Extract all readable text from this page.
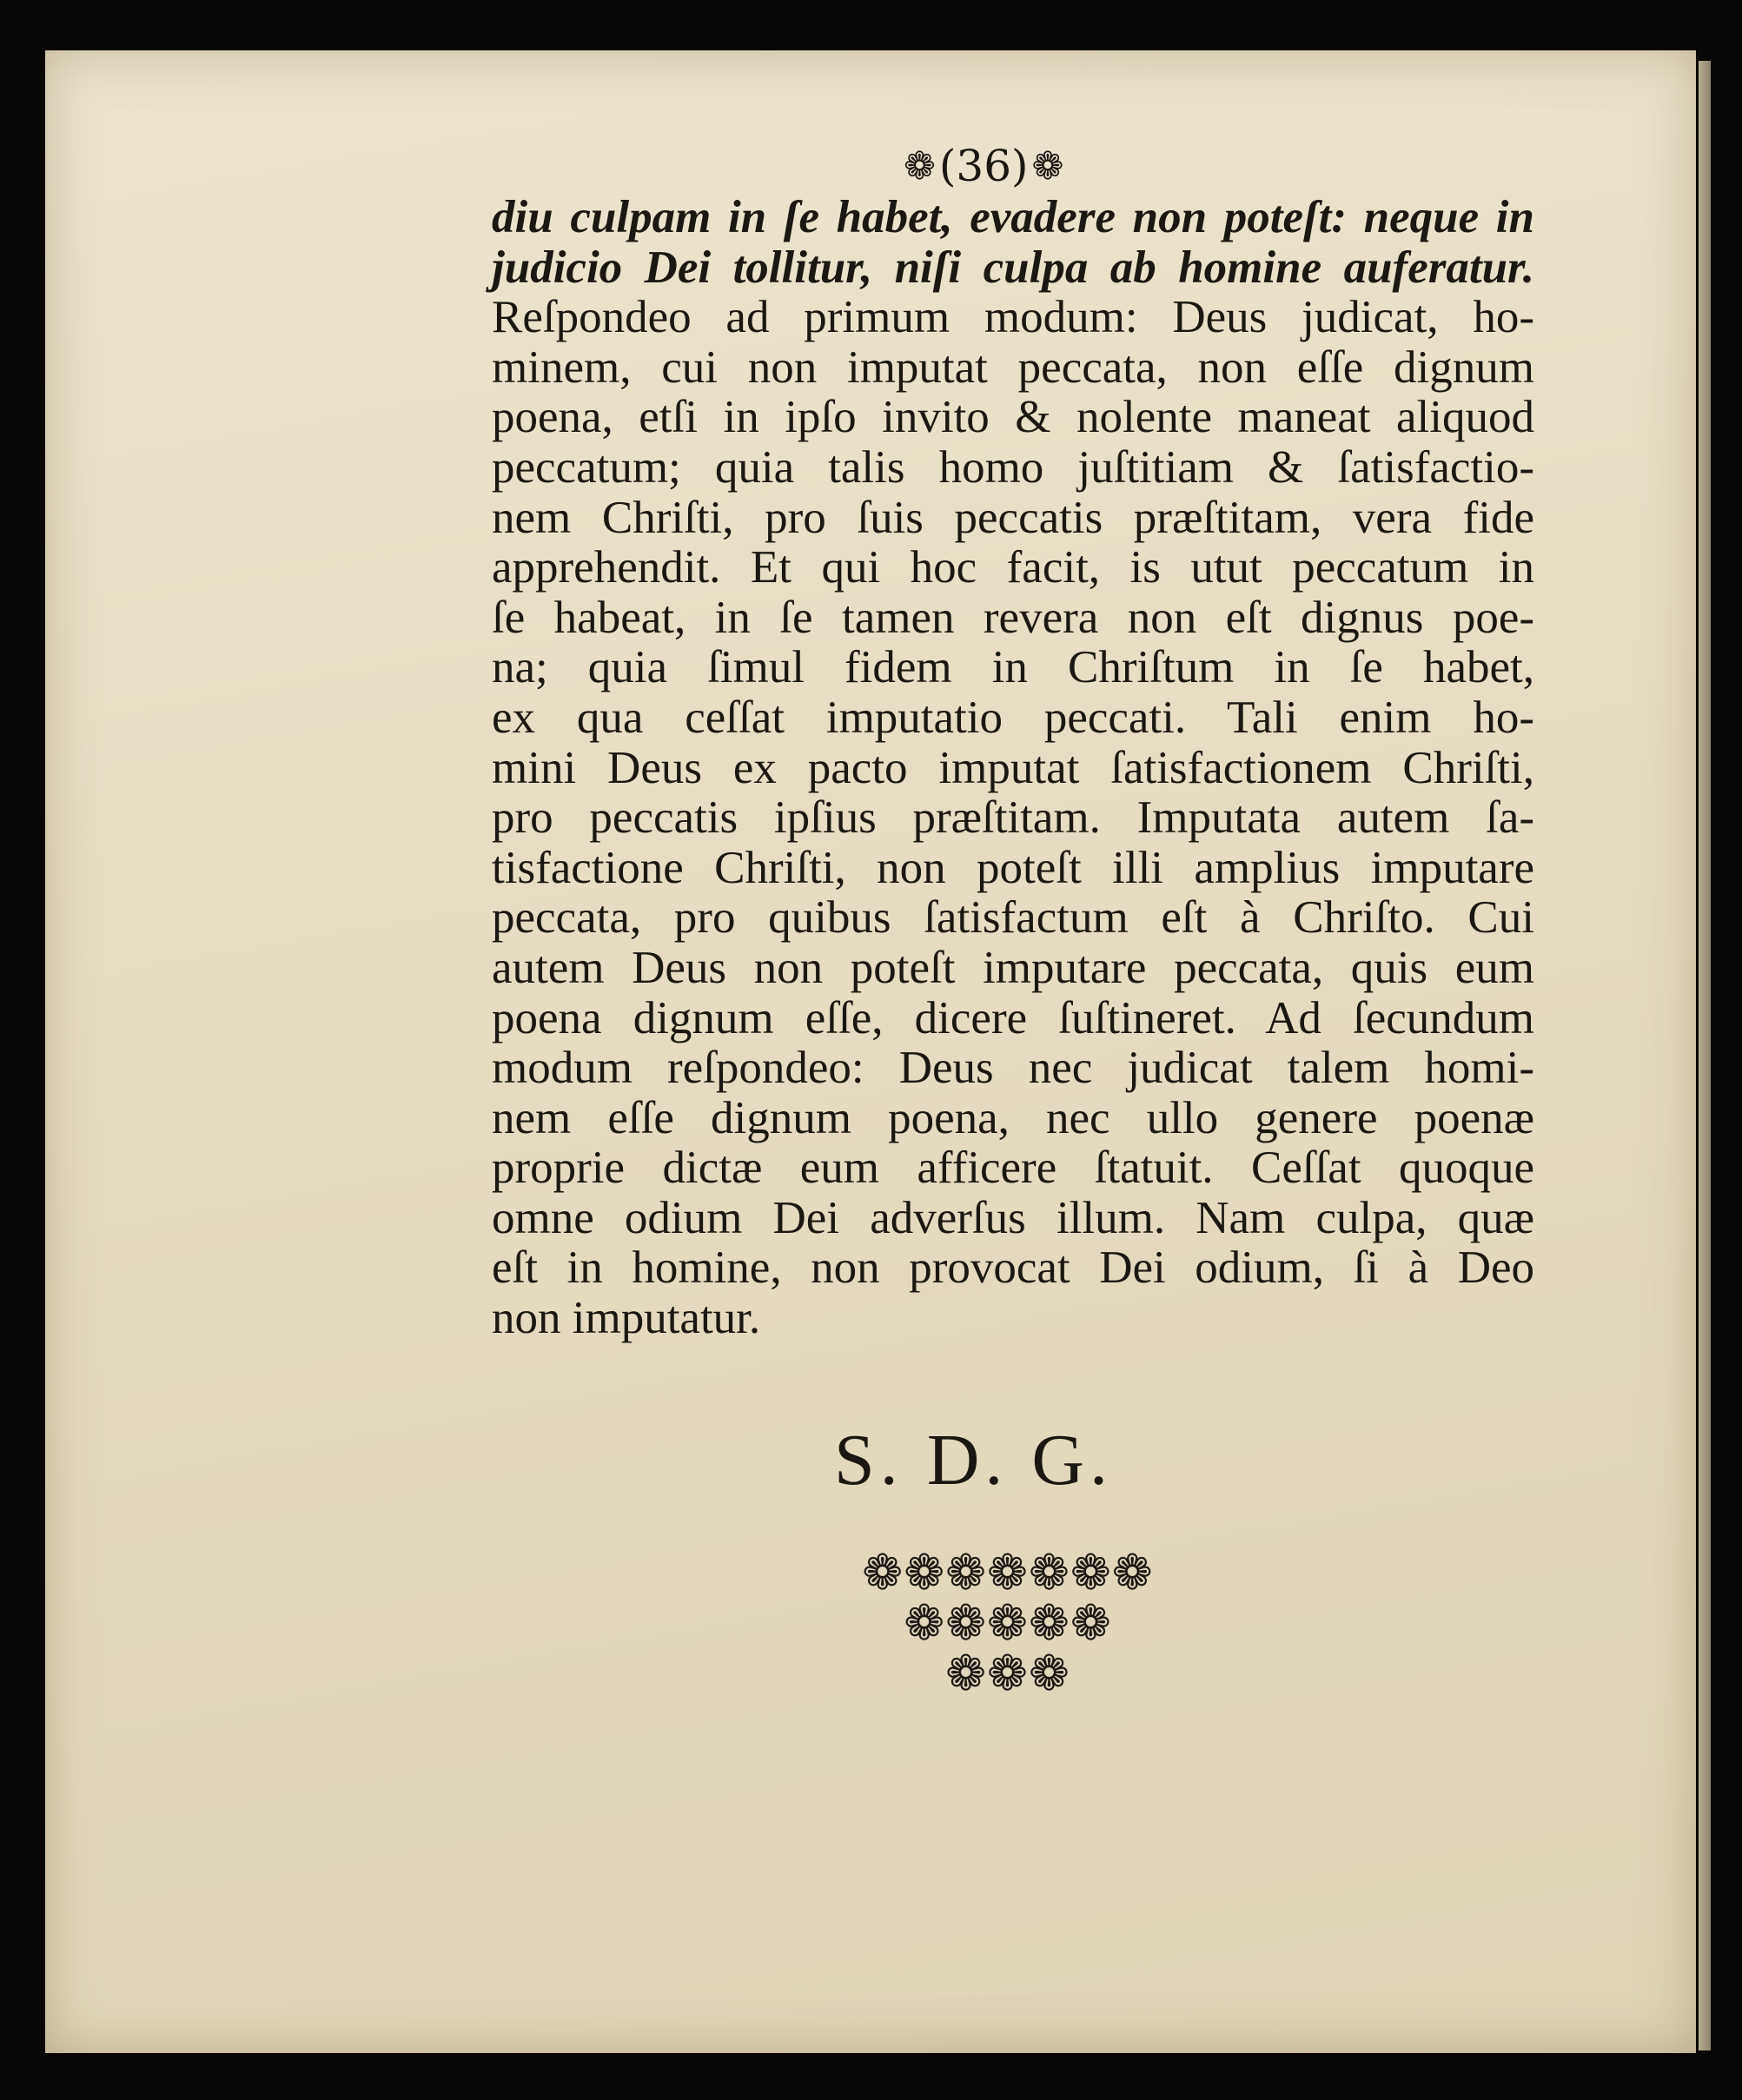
❁ (36) ❁
diu culpam in ſe habet, evadere non poteſt: neque in
judicio Dei tollitur, niſi culpa ab homine auferatur.
Reſpondeo ad primum modum: Deus judicat, ho-
minem, cui non imputat peccata, non eſſe dignum
poena, etſi in ipſo invito & nolente maneat aliquod
peccatum; quia talis homo juſtitiam & ſatisfactio-
nem Chriſti, pro ſuis peccatis præſtitam, vera fide
apprehendit. Et qui hoc facit, is utut peccatum in
ſe habeat, in ſe tamen revera non eſt dignus poe-
na; quia ſimul fidem in Chriſtum in ſe habet,
ex qua ceſſat imputatio peccati. Tali enim ho-
mini Deus ex pacto imputat ſatisfactionem Chriſti,
pro peccatis ipſius præſtitam. Imputata autem ſa-
tisfactione Chriſti, non poteſt illi amplius imputare
peccata, pro quibus ſatisfactum eſt à Chriſto. Cui
autem Deus non poteſt imputare peccata, quis eum
poena dignum eſſe, dicere ſuſtineret. Ad ſecundum
modum reſpondeo: Deus nec judicat talem homi-
nem eſſe dignum poena, nec ullo genere poenæ
proprie dictæ eum afficere ſtatuit. Ceſſat quoque
omne odium Dei adverſus illum. Nam culpa, quæ
eſt in homine, non provocat Dei odium, ſi à Deo
non imputatur.
S. D. G.
❁❁❁❁❁❁❁
❁❁❁❁❁
❁❁❁
